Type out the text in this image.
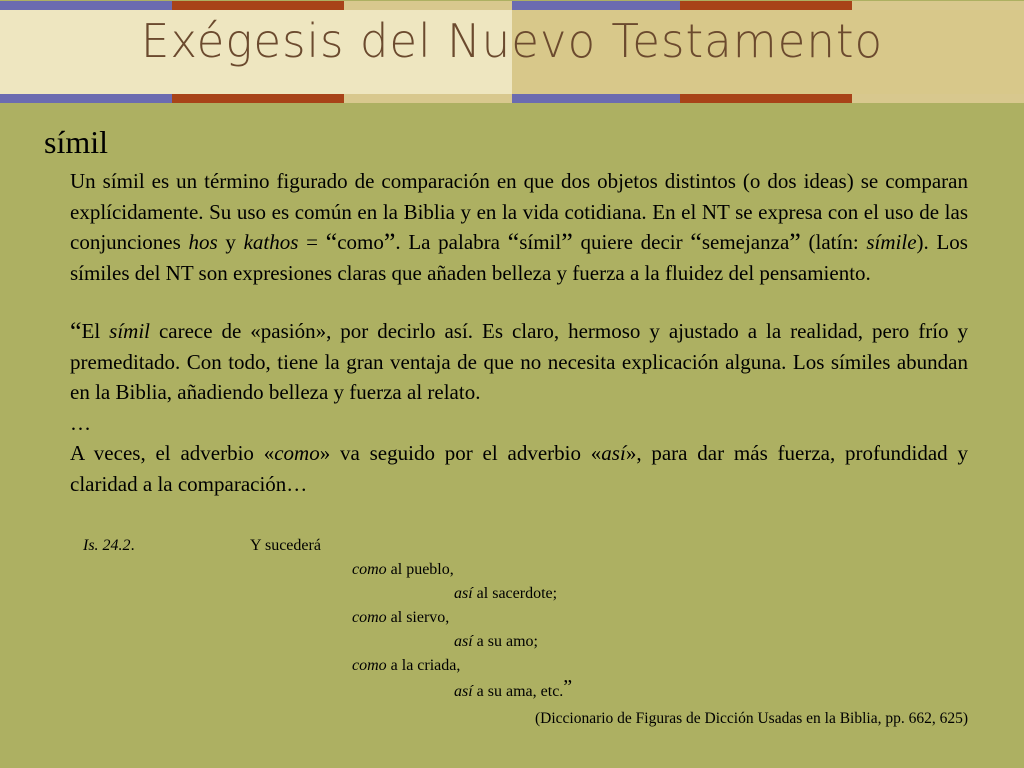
Exégesis del Nuevo Testamento
símil

Un símil es un término figurado de comparación en que dos objetos distintos (o dos ideas) se comparan explícidamente. Su uso es común en la Biblia y en la vida cotidiana. En el NT se expresa con el uso de las conjunciones hos y kathos = “como”. La palabra “símil” quiere decir “semejanza” (latín: símile). Los símiles del NT son expresiones claras que añaden belleza y fuerza a la fluidez del pensamiento.

“El símil carece de «pasión», por decirlo así. Es claro, hermoso y ajustado a la realidad, pero frío y premeditado. Con todo, tiene la gran ventaja de que no necesita explicación alguna. Los símiles abundan en la Biblia, añadiendo belleza y fuerza al relato.

…

A veces, el adverbio «como» va seguido por el adverbio «así», para dar más fuerza, profundidad y claridad a la comparación…

Is. 24.2.	Y sucederá
como al pueblo,
así al sacerdote;
como al siervo,
así a su amo;
como a la criada,
así a su ama, etc.”
(Diccionario de Figuras de Dicción Usadas en la Biblia, pp. 662, 625)
